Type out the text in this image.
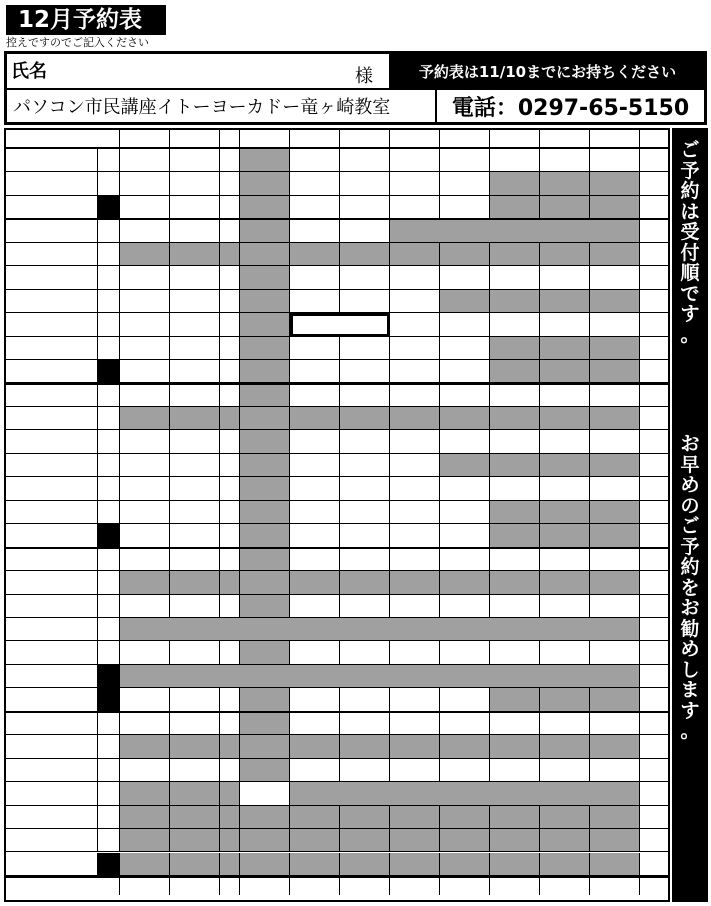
12月予約表
控えですのでご記入ください
氏名	様	予約表は11/10までにお持ちください
パソコン市民講座イトーヨーカドー竜ヶ崎教室	電話：0297-65-5150
ご
予
約
は
受
付
順
で
す
。
お
早
め
の
ご
予
約
を
お
勧
め
し
ま
す
。
